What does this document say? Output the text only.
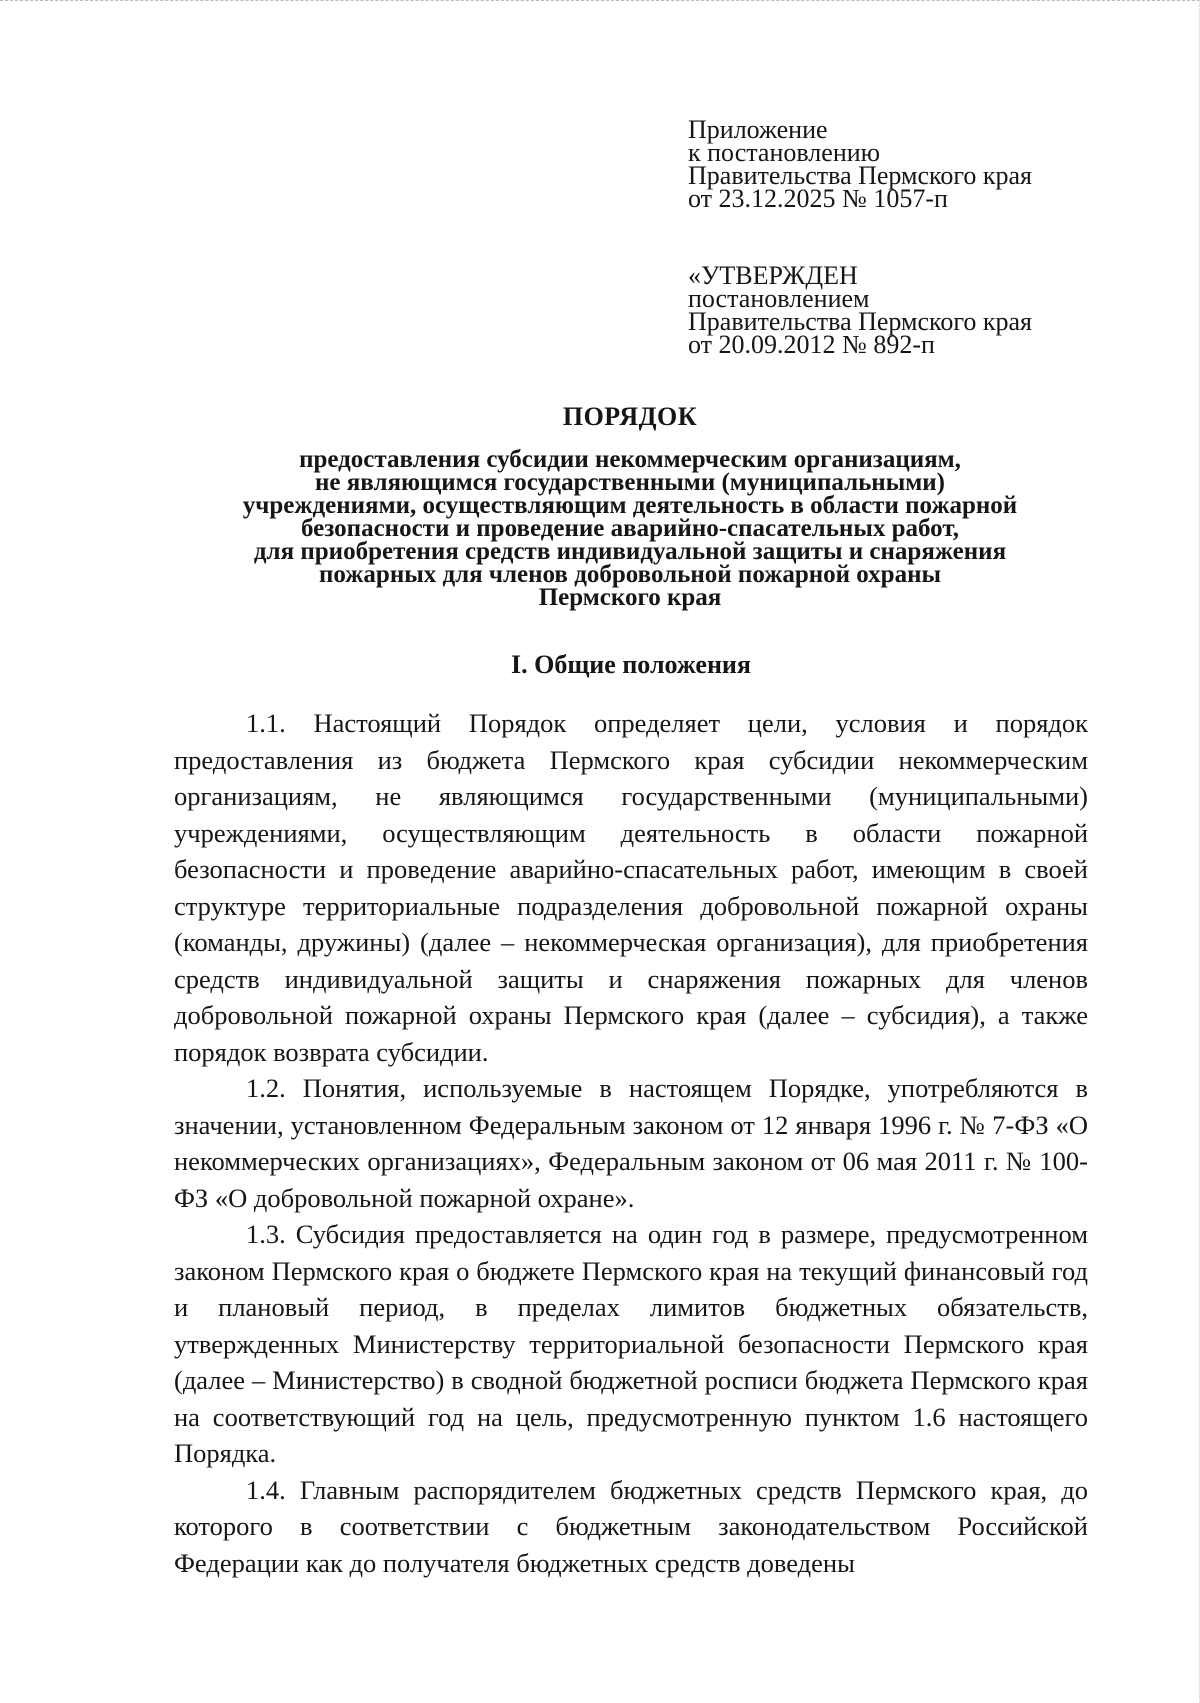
Приложение
к постановлению
Правительства Пермского края
от 23.12.2025 № 1057-п
«УТВЕРЖДЕН
постановлением
Правительства Пермского края
от 20.09.2012 № 892-п
ПОРЯДОК
предоставления субсидии некоммерческим организациям,
не являющимся государственными (муниципальными)
учреждениями, осуществляющим деятельность в области пожарной
безопасности и проведение аварийно-спасательных работ,
для приобретения средств индивидуальной защиты и снаряжения
пожарных для членов добровольной пожарной охраны
Пермского края
I. Общие положения

1.1. Настоящий Порядок определяет цели, условия и порядок предоставления из бюджета Пермского края субсидии некоммерческим организациям, не являющимся государственными (муниципальными) учреждениями, осуществляющим деятельность в области пожарной безопасности и проведение аварийно-спасательных работ, имеющим в своей структуре территориальные подразделения добровольной пожарной охраны (команды, дружины) (далее – некоммерческая организация), для приобретения средств индивидуальной защиты и снаряжения пожарных для членов добровольной пожарной охраны Пермского края (далее – субсидия), а также порядок возврата субсидии.

1.2. Понятия, используемые в настоящем Порядке, употребляются в значении, установленном Федеральным законом от 12 января 1996 г. № 7-ФЗ «О некоммерческих организациях», Федеральным законом от 06 мая 2011 г. № 100-ФЗ «О добровольной пожарной охране».

1.3. Субсидия предоставляется на один год в размере, предусмотренном законом Пермского края о бюджете Пермского края на текущий финансовый год и плановый период, в пределах лимитов бюджетных обязательств, утвержденных Министерству территориальной безопасности Пермского края (далее – Министерство) в сводной бюджетной росписи бюджета Пермского края на соответствующий год на цель, предусмотренную пунктом 1.6 настоящего Порядка.

1.4. Главным распорядителем бюджетных средств Пермского края, до которого в соответствии с бюджетным законодательством Российской Федерации как до получателя бюджетных средств доведены
